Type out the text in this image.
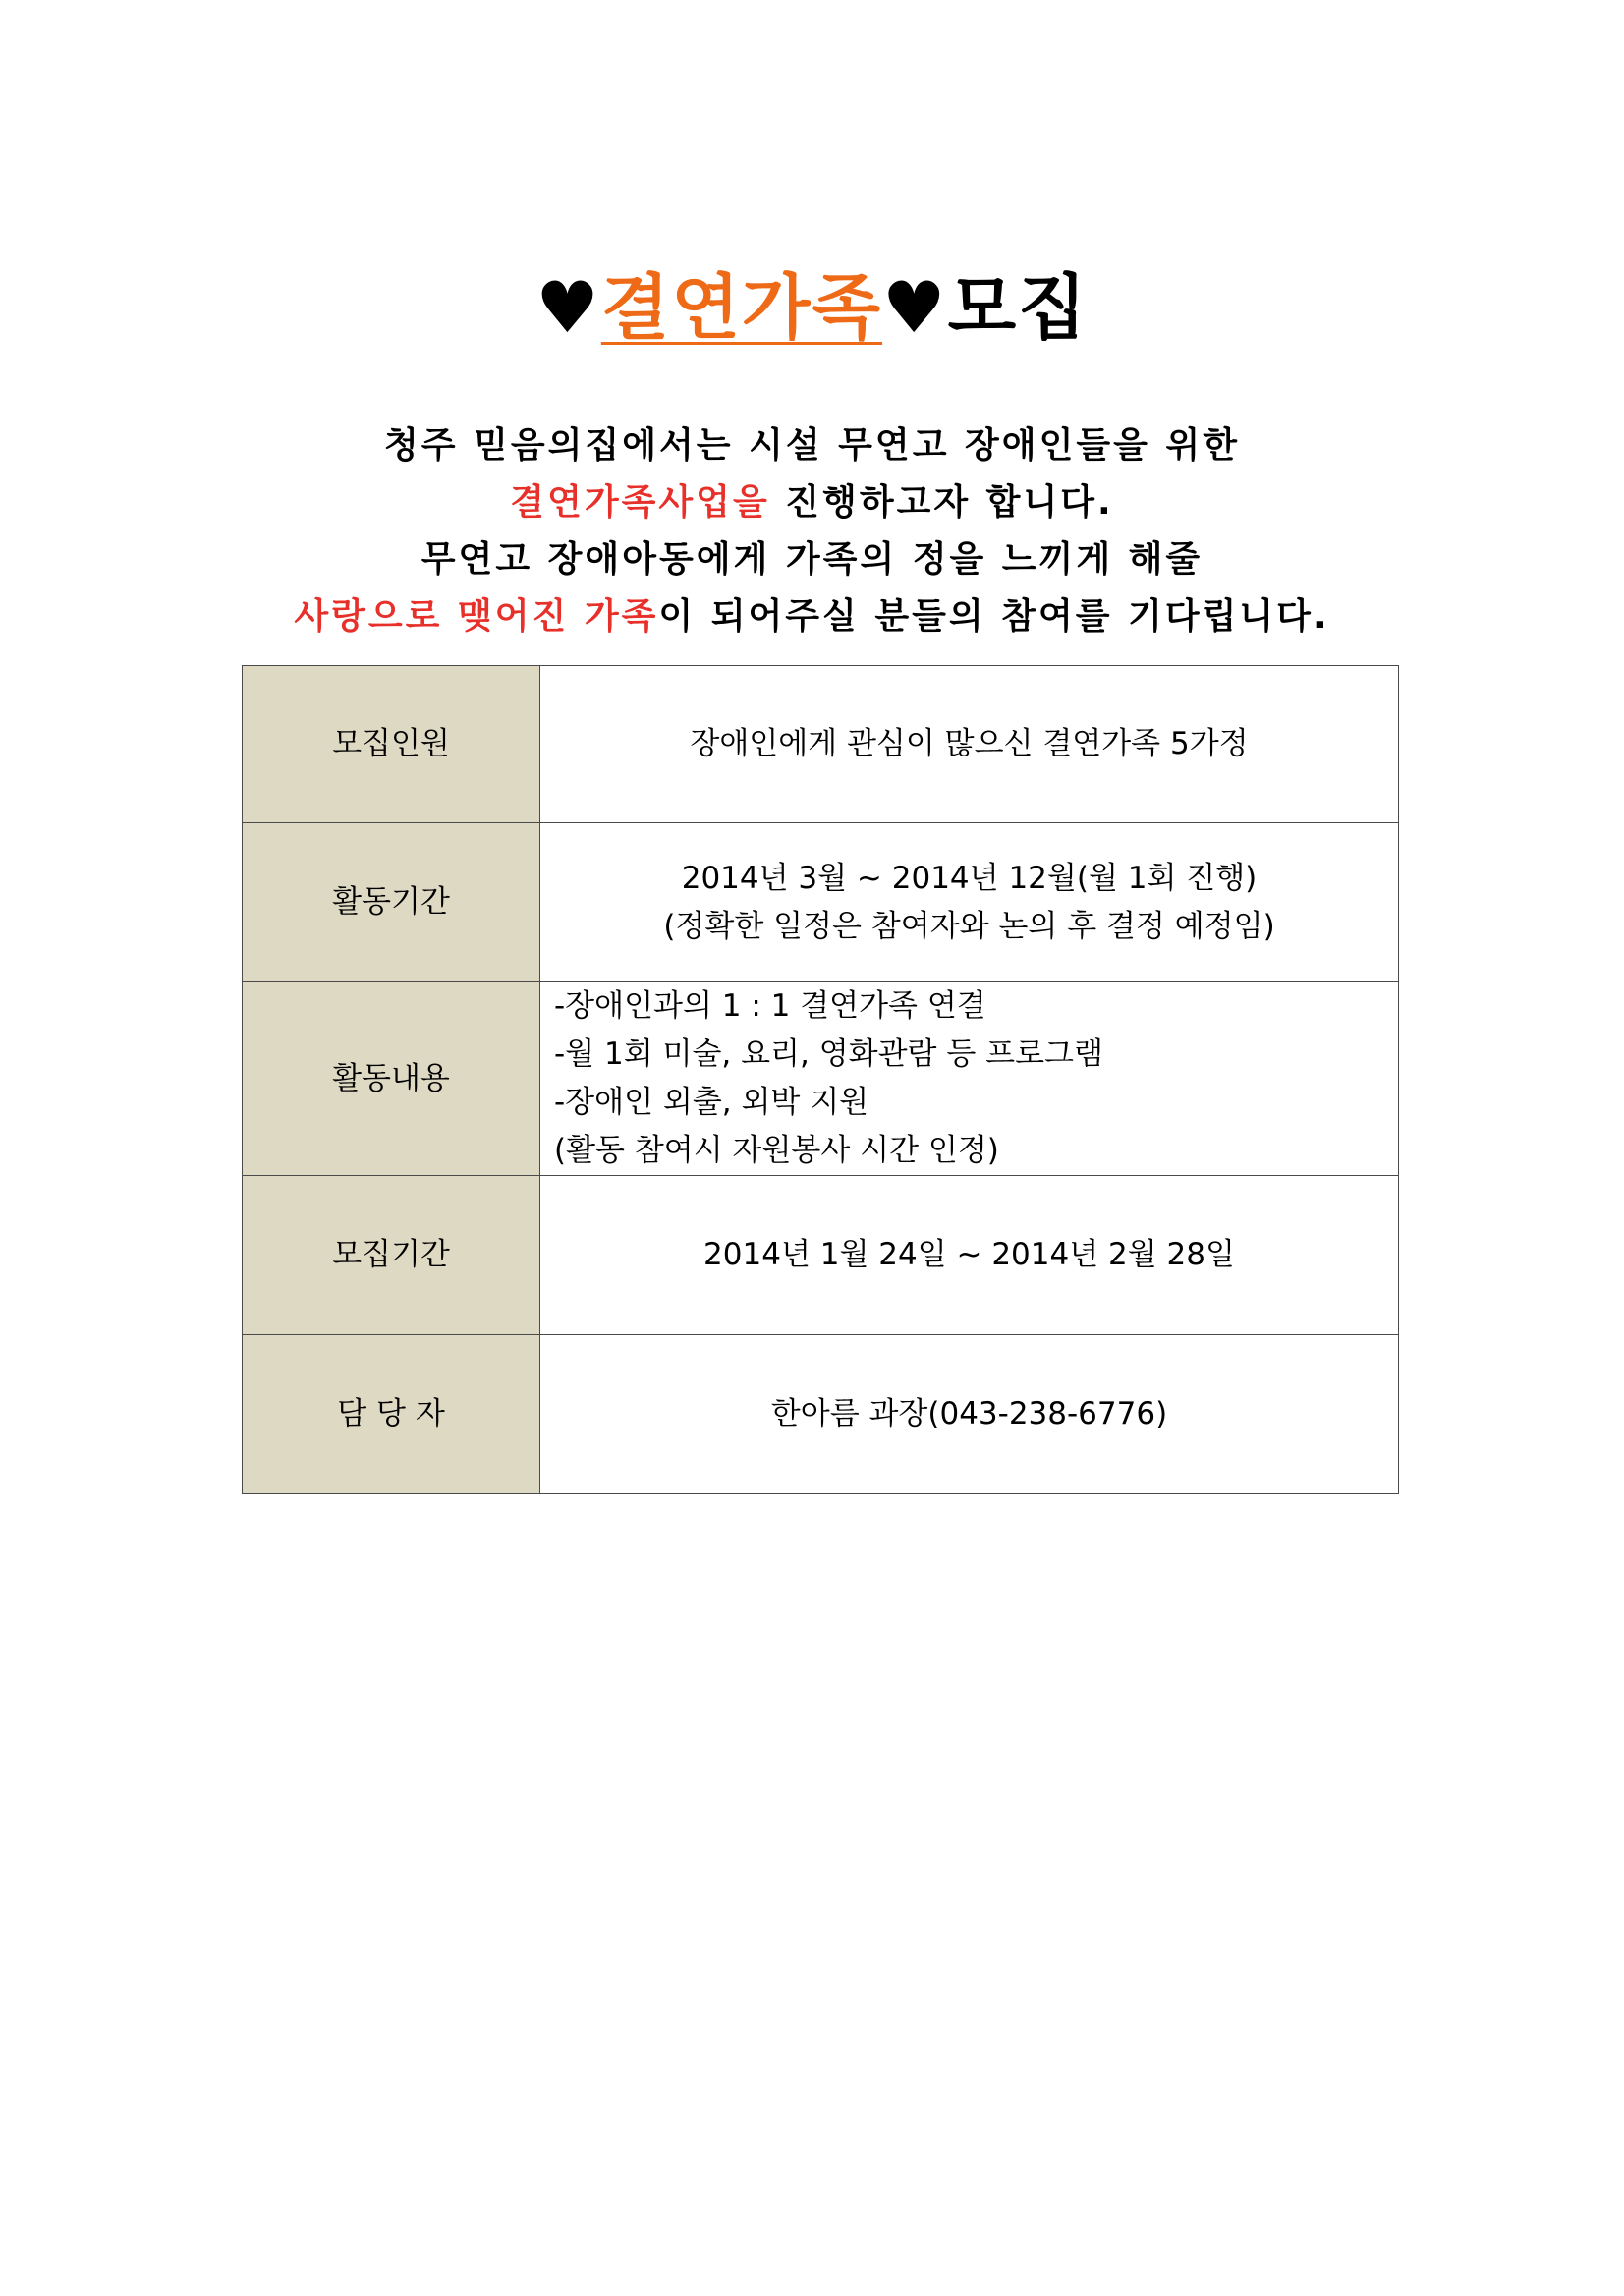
♥결연가족♥모집

청주 믿음의집에서는 시설 무연고 장애인들을 위한

결연가족사업을 진행하고자 합니다.

무연고 장애아동에게 가족의 정을 느끼게 해줄

사랑으로 맺어진 가족이 되어주실 분들의 참여를 기다립니다.

모집인원	장애인에게 관심이 많으신 결연가족 5가정

활동기간	2014년 3월 ~ 2014년 12월(월 1회 진행)
(정확한 일정은 참여자와 논의 후 결정 예정임)

활동내용	-장애인과의 1 : 1 결연가족 연결
-월 1회 미술, 요리, 영화관람 등 프로그램
-장애인 외출, 외박 지원
(활동 참여시 자원봉사 시간 인정)

모집기간	2014년 1월 24일 ~ 2014년 2월 28일

담 당 자	한아름 과장(043-238-6776)
